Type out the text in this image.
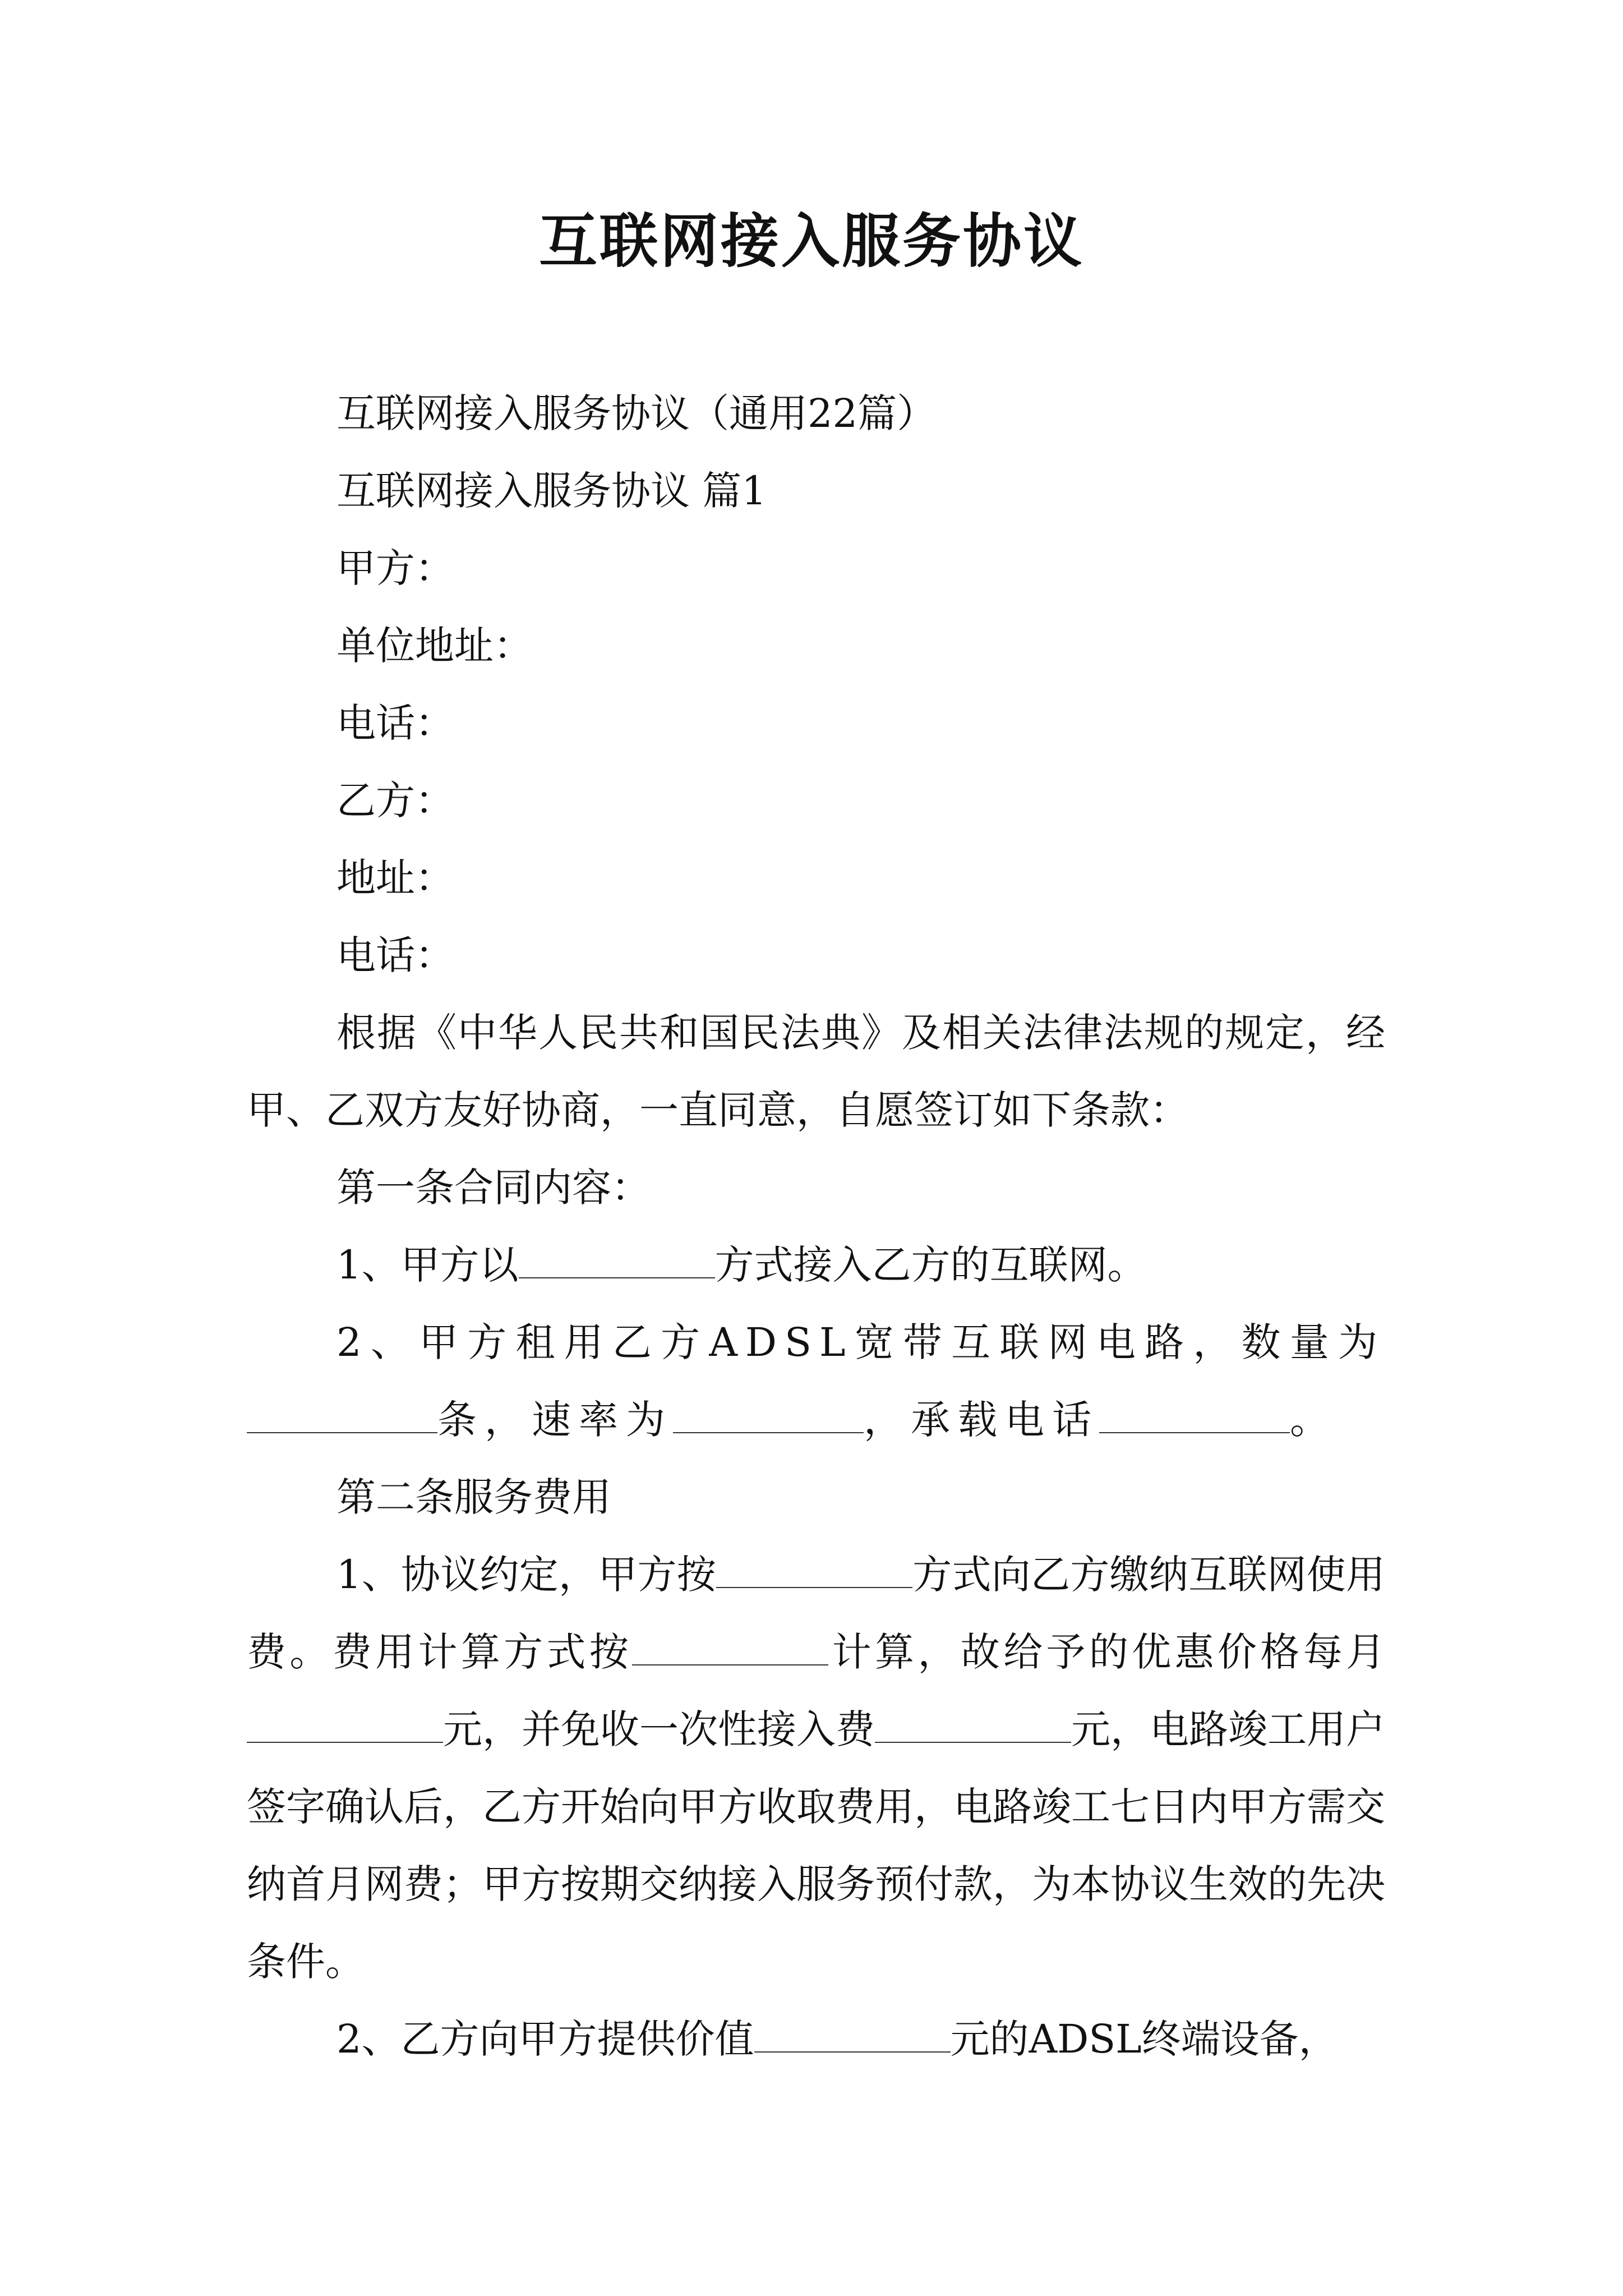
互联网接入服务协议

互联网接入服务协议（通用22篇）

互联网接入服务协议 篇1

甲方：

单位地址：

电话：

乙方：

地址：

电话：

根据《中华人民共和国民法典》及相关法律法规的规定，经甲、乙双方友好协商，一直同意，自愿签订如下条款：

第一条合同内容：

1、甲方以	方式接入乙方的互联网。

2、甲方租用乙方ADSL宽带互联网电路，数量为条，速率为	，承载电话	。

第二条服务费用

1、协议约定，甲方按	方式向乙方缴纳互联网使用费。费用计算方式按	计算，故给予的优惠价格每月元，并免收一次性接入费	元，电路竣工用户签字确认后，乙方开始向甲方收取费用，电路竣工七日内甲方需交纳首月网费；甲方按期交纳接入服务预付款，为本协议生效的先决条件。

2、乙方向甲方提供价值	元的ADSL终端设备，
